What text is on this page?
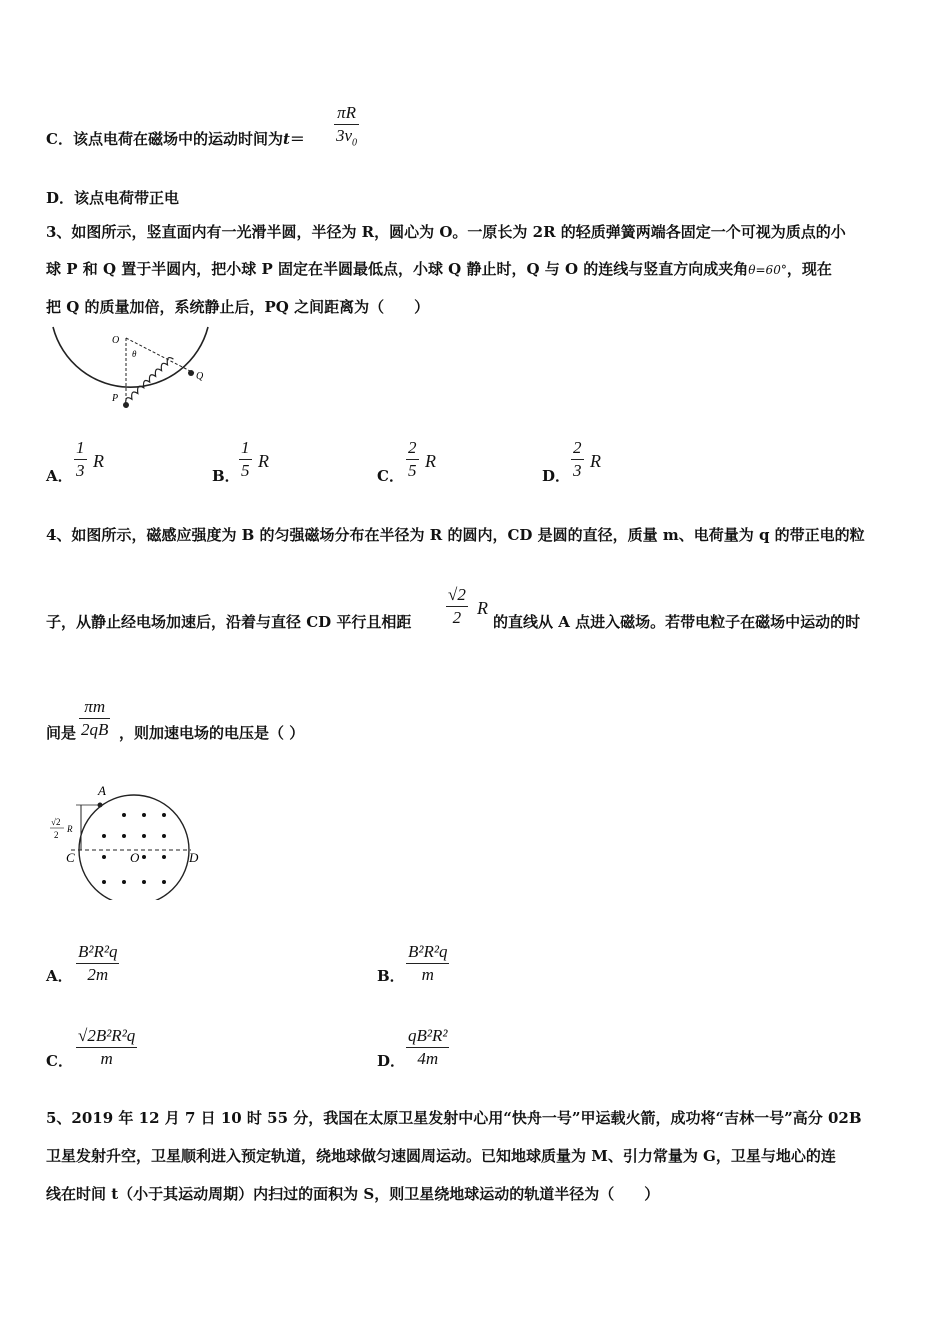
C．该点电荷在磁场中的运动时间为t＝
πR
$3v_0$
D．该点电荷带正电
3、如图所示，竖直面内有一光滑半圆，半径为 R，圆心为 O。一原长为 2R 的轻质弹簧两端各固定一个可视为质点的小
球 P 和 Q 置于半圆内，把小球 P 固定在半圆最低点，小球 Q 静止时，Q 与 O 的连线与竖直方向成夹角θ=60°，现在
把 Q 的质量加倍，系统静止后，PQ 之间距离为（　　）
O
θ
Q
P
A．
1
3 R
B．
1
5 R
C．
2
5 R
D．
2
3 R
4、如图所示，磁感应强度为 B 的匀强磁场分布在半径为 R 的圆内，CD 是圆的直径，质量 m、电荷量为 q 的带正电的粒
子，从静止经电场加速后，沿着与直径 CD 平行且相距
√2
2 R
的直线从 A 点进入磁场。若带电粒子在磁场中运动的时
间是
πm
2qB ，则加速电场的电压是（ ）
A
C	O	D
√2
2
R
A．
B²R²q
2m	B．
B²R²q
m
C．
√2B²R²q
m	D．
qB²R²
4m
5、2019 年 12 月 7 日 10 时 55 分，我国在太原卫星发射中心用“快舟一号”甲运载火箭，成功将“吉林一号”高分 02B
卫星发射升空，卫星顺利进入预定轨道，绕地球做匀速圆周运动。已知地球质量为 M、引力常量为 G，卫星与地心的连
线在时间 t（小于其运动周期）内扫过的面积为 S，则卫星绕地球运动的轨道半径为（　　）
